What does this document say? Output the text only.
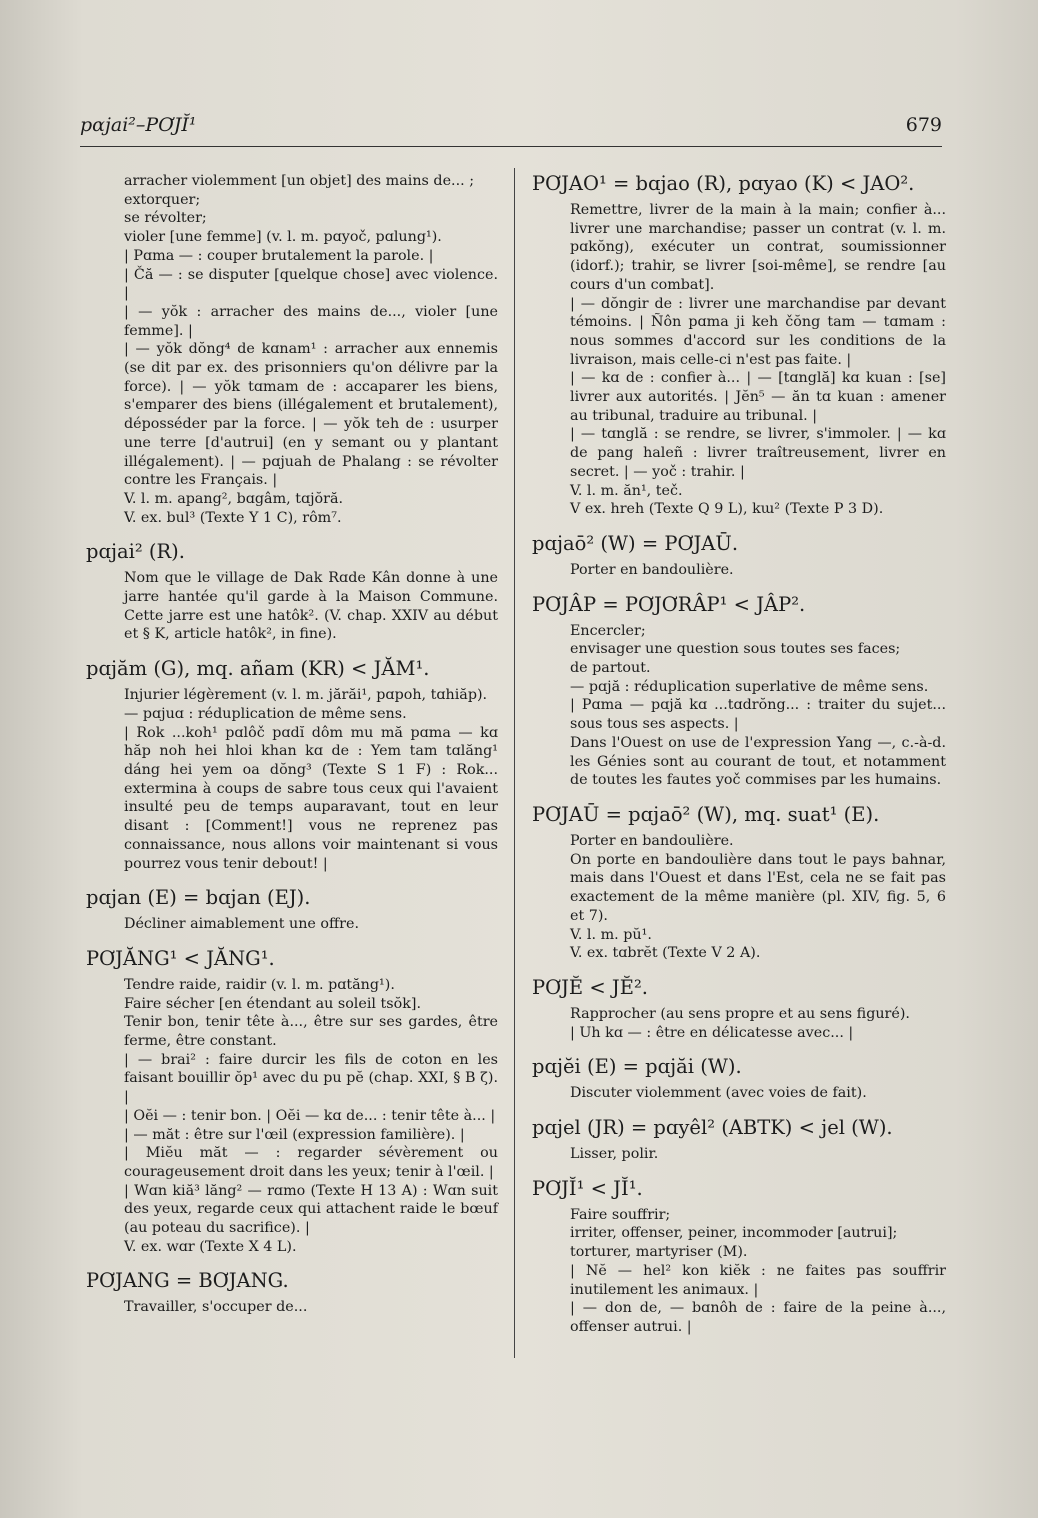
pɑjai²–PƠJĬ¹	679

arracher violemment [un objet] des mains de... ;

extorquer;

se révolter;

violer [une femme] (v. l. m. pɑyoč, pɑlung¹).

| Pɑma — : couper brutalement la parole. |

| Čă — : se disputer [quelque chose] avec violence. |

| — yŏk : arracher des mains de..., violer [une femme]. |

| — yŏk dŏng⁴ de kɑnam¹ : arracher aux ennemis (se dit par ex. des prisonniers qu'on délivre par la force). | — yŏk tɑmam de : accaparer les biens, s'emparer des biens (illégalement et brutalement), déposséder par la force. | — yŏk teh de : usurper une terre [d'autrui] (en y semant ou y plantant illégalement). | — pɑjuah de Phalang : se révolter contre les Français. |

V. l. m. apang², bɑgâm, tɑjŏră.

V. ex. bul³ (Texte Y 1 C), rôm⁷.

pɑjai² (R).

Nom que le village de Dak Rɑde Kân donne à une jarre hantée qu'il garde à la Maison Commune. Cette jarre est une hatôk². (V. chap. XXIV au début et § K, article hatôk², in fine).

pɑjăm (G), mq. añam (KR) < JĂM¹.

Injurier légèrement (v. l. m. jărăi¹, pɑpoh, tɑhiăp).

— pɑjuɑ : réduplication de même sens.

| Rok ...koh¹ pɑlôč pɑdĭ dôm mu mă pɑma — kɑ hăp noh hei hloi khan kɑ de : Yem tam tɑlăng¹ dáng hei yem oa dŏng³ (Texte S 1 F) : Rok... extermina à coups de sabre tous ceux qui l'avaient insulté peu de temps auparavant, tout en leur disant : [Comment!] vous ne reprenez pas connaissance, nous allons voir maintenant si vous pourrez vous tenir debout! |

pɑjan (E) = bɑjan (EJ).

Décliner aimablement une offre.

PƠJĂNG¹ < JĂNG¹.

Tendre raide, raidir (v. l. m. pɑtăng¹).

Faire sécher [en étendant au soleil tsŏk].

Tenir bon, tenir tête à..., être sur ses gardes, être ferme, être constant.

| — brai² : faire durcir les fils de coton en les faisant bouillir ŏp¹ avec du pu pĕ (chap. XXI, § B ζ). |

| Oĕi — : tenir bon. | Oĕi — kɑ de... : tenir tête à... |

| — măt : être sur l'œil (expression familière). |

| Miĕu măt — : regarder sévèrement ou courageusement droit dans les yeux; tenir à l'œil. |

| Wɑn kiă³ lăng² — rɑmo (Texte H 13 A) : Wɑn suit des yeux, regarde ceux qui attachent raide le bœuf (au poteau du sacrifice). |

V. ex. wɑr (Texte X 4 L).

PƠJANG = BƠJANG.

Travailler, s'occuper de...

PƠJAO¹ = bɑjao (R), pɑyao (K) < JAO².

Remettre, livrer de la main à la main; confier à... livrer une marchandise; passer un contrat (v. l. m. pɑkŏng), exécuter un contrat, soumissionner (idorf.); trahir, se livrer [soi-même], se rendre [au cours d'un combat].

| — dŏngir de : livrer une marchandise par devant témoins. | Ñôn pɑma ji keh čŏng tam — tɑmam : nous sommes d'accord sur les conditions de la livraison, mais celle-ci n'est pas faite. |

| — kɑ de : confier à... | — [tɑnglă] kɑ kuan : [se] livrer aux autorités. | Jĕn⁵ — ăn tɑ kuan : amener au tribunal, traduire au tribunal. |

| — tɑnglă : se rendre, se livrer, s'immoler. | — kɑ de pang haleñ : livrer traîtreusement, livrer en secret. | — yoč : trahir. |

V. l. m. ăn¹, teč.

V ex. hreh (Texte Q 9 L), kɯ² (Texte P 3 D).

pɑjaō² (W) = PƠJAŪ.

Porter en bandoulière.

PƠJÂP = PƠJƠRÂP¹ < JÂP².

Encercler;

envisager une question sous toutes ses faces;

de partout.

— pɑjă : réduplication superlative de même sens.

| Pɑma — pɑjă kɑ ...tɑdrŏng... : traiter du sujet... sous tous ses aspects. |

Dans l'Ouest on use de l'expression Yang —, c.-à-d. les Génies sont au courant de tout, et notamment de toutes les fautes yoč commises par les humains.

PƠJAŪ = pɑjaō² (W), mq. suat¹ (E).

Porter en bandoulière.

On porte en bandoulière dans tout le pays bahnar, mais dans l'Ouest et dans l'Est, cela ne se fait pas exactement de la même manière (pl. XIV, fig. 5, 6 et 7).

V. l. m. pŭ¹.

V. ex. tɑbrĕt (Texte V 2 A).

PƠJĔ < JĔ².

Rapprocher (au sens propre et au sens figuré).

| Uh kɑ — : être en délicatesse avec... |

pɑjĕi (E) = pɑjăi (W).

Discuter violemment (avec voies de fait).

pɑjel (JR) = pɑyêl² (ABTK) < jel (W).

Lisser, polir.

PƠJĬ¹ < JĬ¹.

Faire souffrir;

irriter, offenser, peiner, incommoder [autrui];

torturer, martyriser (M).

| Nĕ — hel² kon kiĕk : ne faites pas souffrir inutilement les animaux. |

| — don de, — bɑnôh de : faire de la peine à..., offenser autrui. |
